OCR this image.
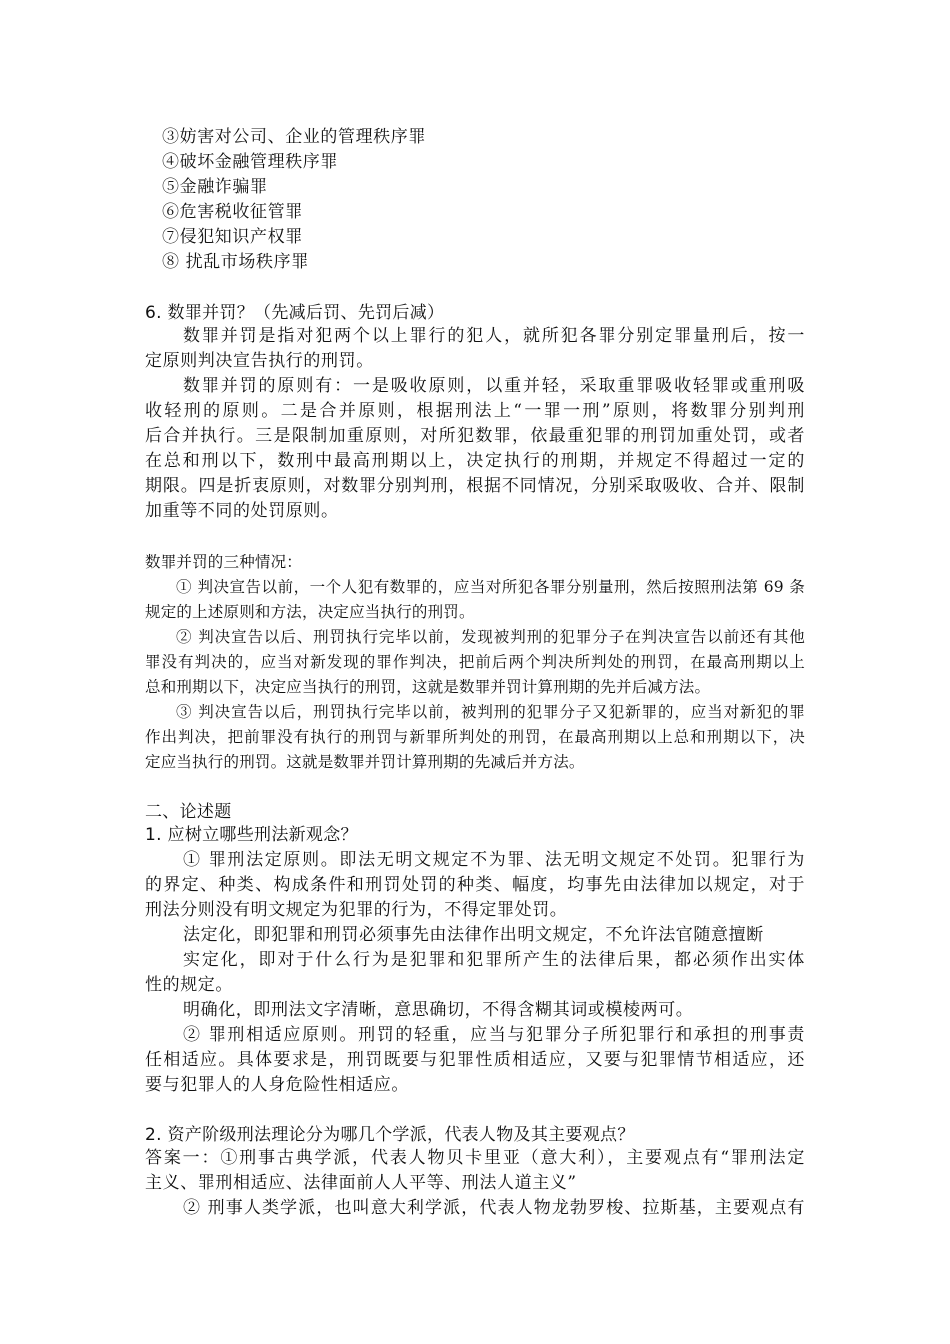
③妨害对公司、企业的管理秩序罪
④破坏金融管理秩序罪
⑤金融诈骗罪
⑥危害税收征管罪
⑦侵犯知识产权罪
⑧ 扰乱市场秩序罪
6. 数罪并罚？（先减后罚、先罚后减）
数罪并罚是指对犯两个以上罪行的犯人，就所犯各罪分别定罪量刑后，按一
定原则判决宣告执行的刑罚。
数罪并罚的原则有：一是吸收原则，以重并轻，采取重罪吸收轻罪或重刑吸
收轻刑的原则。二是合并原则，根据刑法上“一罪一刑”原则，将数罪分别判刑
后合并执行。三是限制加重原则，对所犯数罪，依最重犯罪的刑罚加重处罚，或者
在总和刑以下，数刑中最高刑期以上，决定执行的刑期，并规定不得超过一定的
期限。四是折衷原则，对数罪分别判刑，根据不同情况，分别采取吸收、合并、限制
加重等不同的处罚原则。
数罪并罚的三种情况：
① 判决宣告以前，一个人犯有数罪的，应当对所犯各罪分别量刑，然后按照刑法第 69 条
规定的上述原则和方法，决定应当执行的刑罚。
② 判决宣告以后、刑罚执行完毕以前，发现被判刑的犯罪分子在判决宣告以前还有其他
罪没有判决的，应当对新发现的罪作判决，把前后两个判决所判处的刑罚，在最高刑期以上
总和刑期以下，决定应当执行的刑罚，这就是数罪并罚计算刑期的先并后减方法。
③ 判决宣告以后，刑罚执行完毕以前，被判刑的犯罪分子又犯新罪的，应当对新犯的罪
作出判决，把前罪没有执行的刑罚与新罪所判处的刑罚，在最高刑期以上总和刑期以下，决
定应当执行的刑罚。这就是数罪并罚计算刑期的先减后并方法。
二、论述题
1. 应树立哪些刑法新观念？
① 罪刑法定原则。即法无明文规定不为罪、法无明文规定不处罚。犯罪行为
的界定、种类、构成条件和刑罚处罚的种类、幅度，均事先由法律加以规定，对于
刑法分则没有明文规定为犯罪的行为，不得定罪处罚。
法定化，即犯罪和刑罚必须事先由法律作出明文规定，不允许法官随意擅断
实定化，即对于什么行为是犯罪和犯罪所产生的法律后果，都必须作出实体
性的规定。
明确化，即刑法文字清晰，意思确切，不得含糊其词或模棱两可。
② 罪刑相适应原则。刑罚的轻重，应当与犯罪分子所犯罪行和承担的刑事责
任相适应。具体要求是，刑罚既要与犯罪性质相适应，又要与犯罪情节相适应，还
要与犯罪人的人身危险性相适应。
2. 资产阶级刑法理论分为哪几个学派，代表人物及其主要观点？
答案一：①刑事古典学派，代表人物贝卡里亚（意大利），主要观点有“罪刑法定
主义、罪刑相适应、法律面前人人平等、刑法人道主义”
② 刑事人类学派，也叫意大利学派，代表人物龙勃罗梭、拉斯基，主要观点有
